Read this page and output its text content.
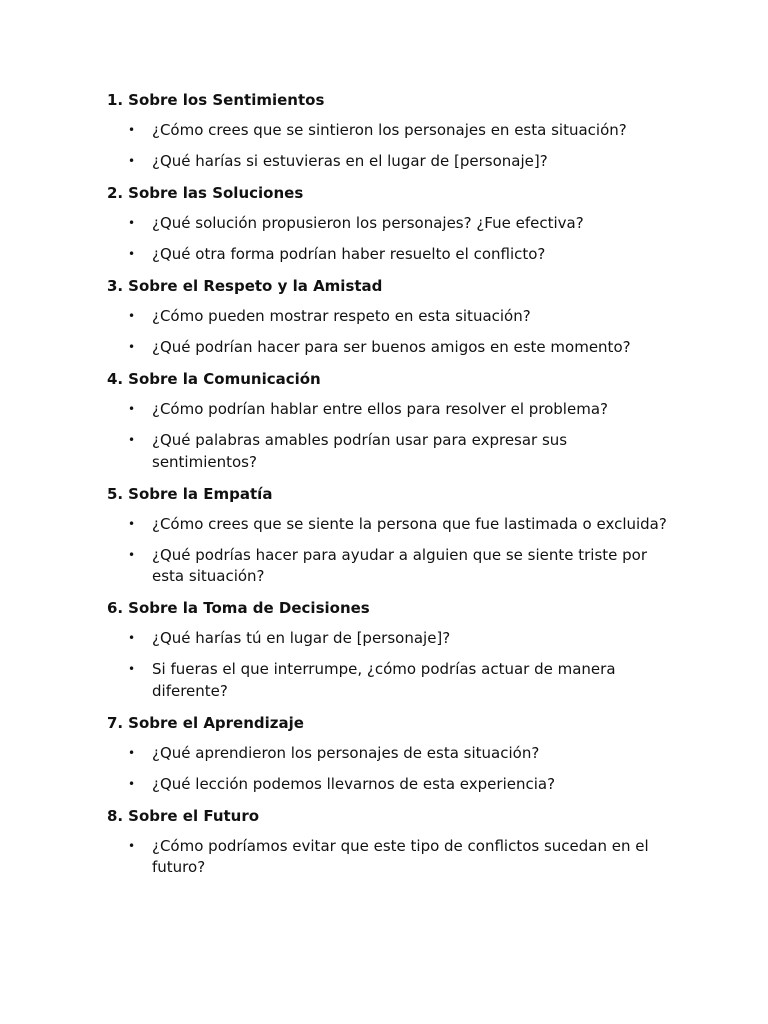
1. Sobre los Sentimientos
• ¿Cómo crees que se sintieron los personajes en esta situación?
• ¿Qué harías si estuvieras en el lugar de [personaje]?
2. Sobre las Soluciones
• ¿Qué solución propusieron los personajes? ¿Fue efectiva?
• ¿Qué otra forma podrían haber resuelto el conflicto?
3. Sobre el Respeto y la Amistad
• ¿Cómo pueden mostrar respeto en esta situación?
• ¿Qué podrían hacer para ser buenos amigos en este momento?
4. Sobre la Comunicación
• ¿Cómo podrían hablar entre ellos para resolver el problema?
• ¿Qué palabras amables podrían usar para expresar sus sentimientos?
5. Sobre la Empatía
• ¿Cómo crees que se siente la persona que fue lastimada o excluida?
• ¿Qué podrías hacer para ayudar a alguien que se siente triste por esta situación?
6. Sobre la Toma de Decisiones
• ¿Qué harías tú en lugar de [personaje]?
• Si fueras el que interrumpe, ¿cómo podrías actuar de manera diferente?
7. Sobre el Aprendizaje
• ¿Qué aprendieron los personajes de esta situación?
• ¿Qué lección podemos llevarnos de esta experiencia?
8. Sobre el Futuro
• ¿Cómo podríamos evitar que este tipo de conflictos sucedan en el futuro?
